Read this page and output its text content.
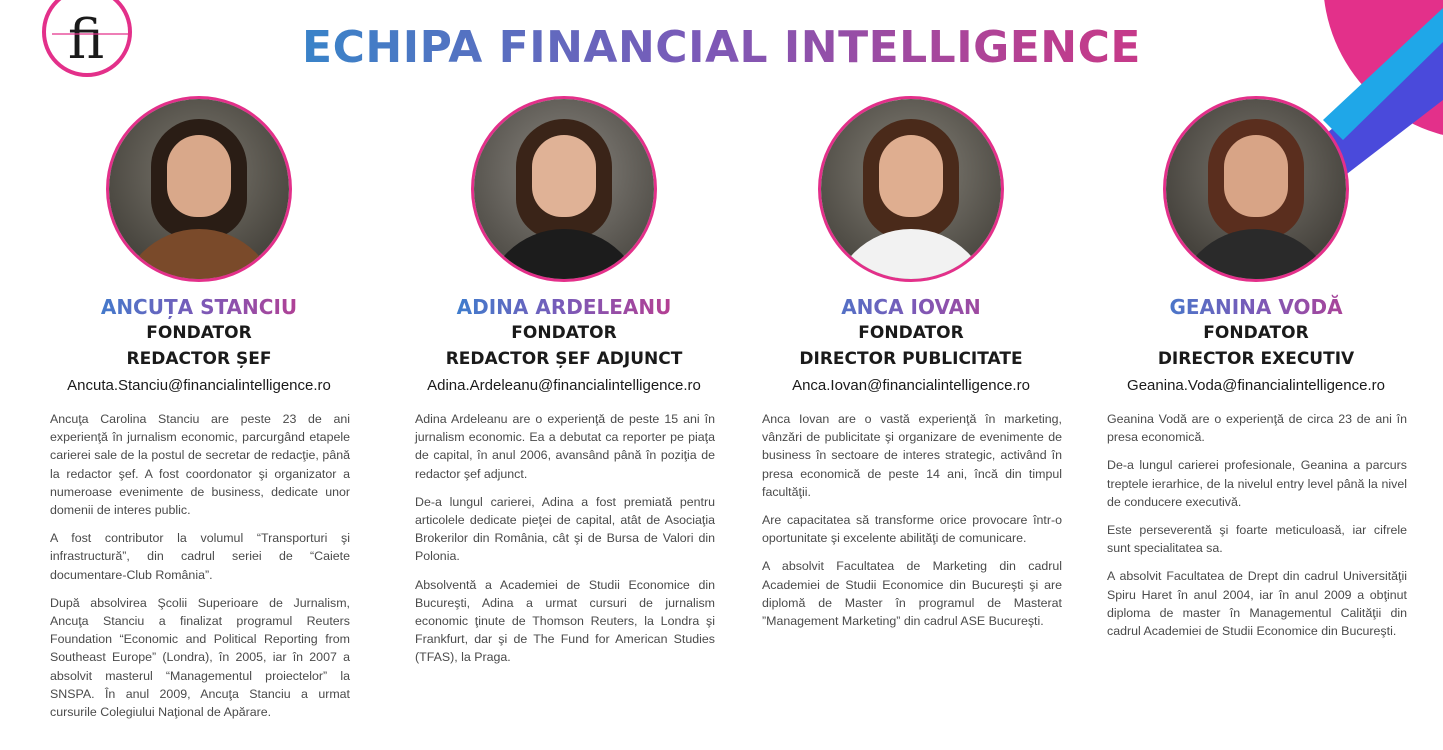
ECHIPA FINANCIAL INTELLIGENCE
ANCUȚA STANCIU
FONDATOR
REDACTOR ȘEF
Ancuta.Stanciu@financialintelligence.ro

Ancuţa Carolina Stanciu are peste 23 de ani experienţă în jurnalism economic, parcurgând etapele carierei sale de la postul de secretar de redacţie, până la redactor şef. A fost coordonator şi organizator a numeroase evenimente de business, dedicate unor domenii de interes public.

A fost contributor la volumul “Transporturi şi infrastructură”, din cadrul seriei de “Caiete documentare-Club România”.

După absolvirea Şcolii Superioare de Jurnalism, Ancuţa Stanciu a finalizat programul Reuters Foundation “Economic and Political Reporting from Southeast Europe” (Londra), în 2005, iar în 2007 a absolvit masterul “Managementul proiectelor” la SNSPA. În anul 2009, Ancuţa Stanciu a urmat cursurile Colegiului Naţional de Apărare.

ADINA ARDELEANU
FONDATOR
REDACTOR ȘEF ADJUNCT
Adina.Ardeleanu@financialintelligence.ro

Adina Ardeleanu are o experienţă de peste 15 ani în jurnalism economic. Ea a debutat ca reporter pe piaţa de capital, în anul 2006, avansând până în poziţia de redactor şef adjunct.

De-a lungul carierei, Adina a fost premiată pentru articolele dedicate pieţei de capital, atât de Asociaţia Brokerilor din România, cât şi de Bursa de Valori din Polonia.

Absolventă a Academiei de Studii Economice din Bucureşti, Adina a urmat cursuri de jurnalism economic ţinute de Thomson Reuters, la Londra şi Frankfurt, dar şi de The Fund for American Studies (TFAS), la Praga.

ANCA IOVAN
FONDATOR
DIRECTOR PUBLICITATE
Anca.Iovan@financialintelligence.ro

Anca Iovan are o vastă experienţă în marketing, vânzări de publicitate şi organizare de evenimente de business în sectoare de interes strategic, activând în presa economică de peste 14 ani, încă din timpul facultăţii.

Are capacitatea să transforme orice provocare într-o oportunitate şi excelente abilităţi de comunicare.

A absolvit Facultatea de Marketing din cadrul Academiei de Studii Economice din Bucureşti şi are diplomă de Master în programul de Masterat ”Management Marketing” din cadrul ASE Bucureşti.

GEANINA VODĂ
FONDATOR
DIRECTOR EXECUTIV
Geanina.Voda@financialintelligence.ro

Geanina Vodă are o experienţă de circa 23 de ani în presa economică.

De-a lungul carierei profesionale, Geanina a parcurs treptele ierarhice, de la nivelul entry level până la nivel de conducere executivă.

Este perseverentă şi foarte meticuloasă, iar cifrele sunt specialitatea sa.

A absolvit Facultatea de Drept din cadrul Universităţii Spiru Haret în anul 2004, iar în anul 2009 a obţinut diploma de master în Managementul Calităţii din cadrul Academiei de Studii Economice din Bucureşti.
